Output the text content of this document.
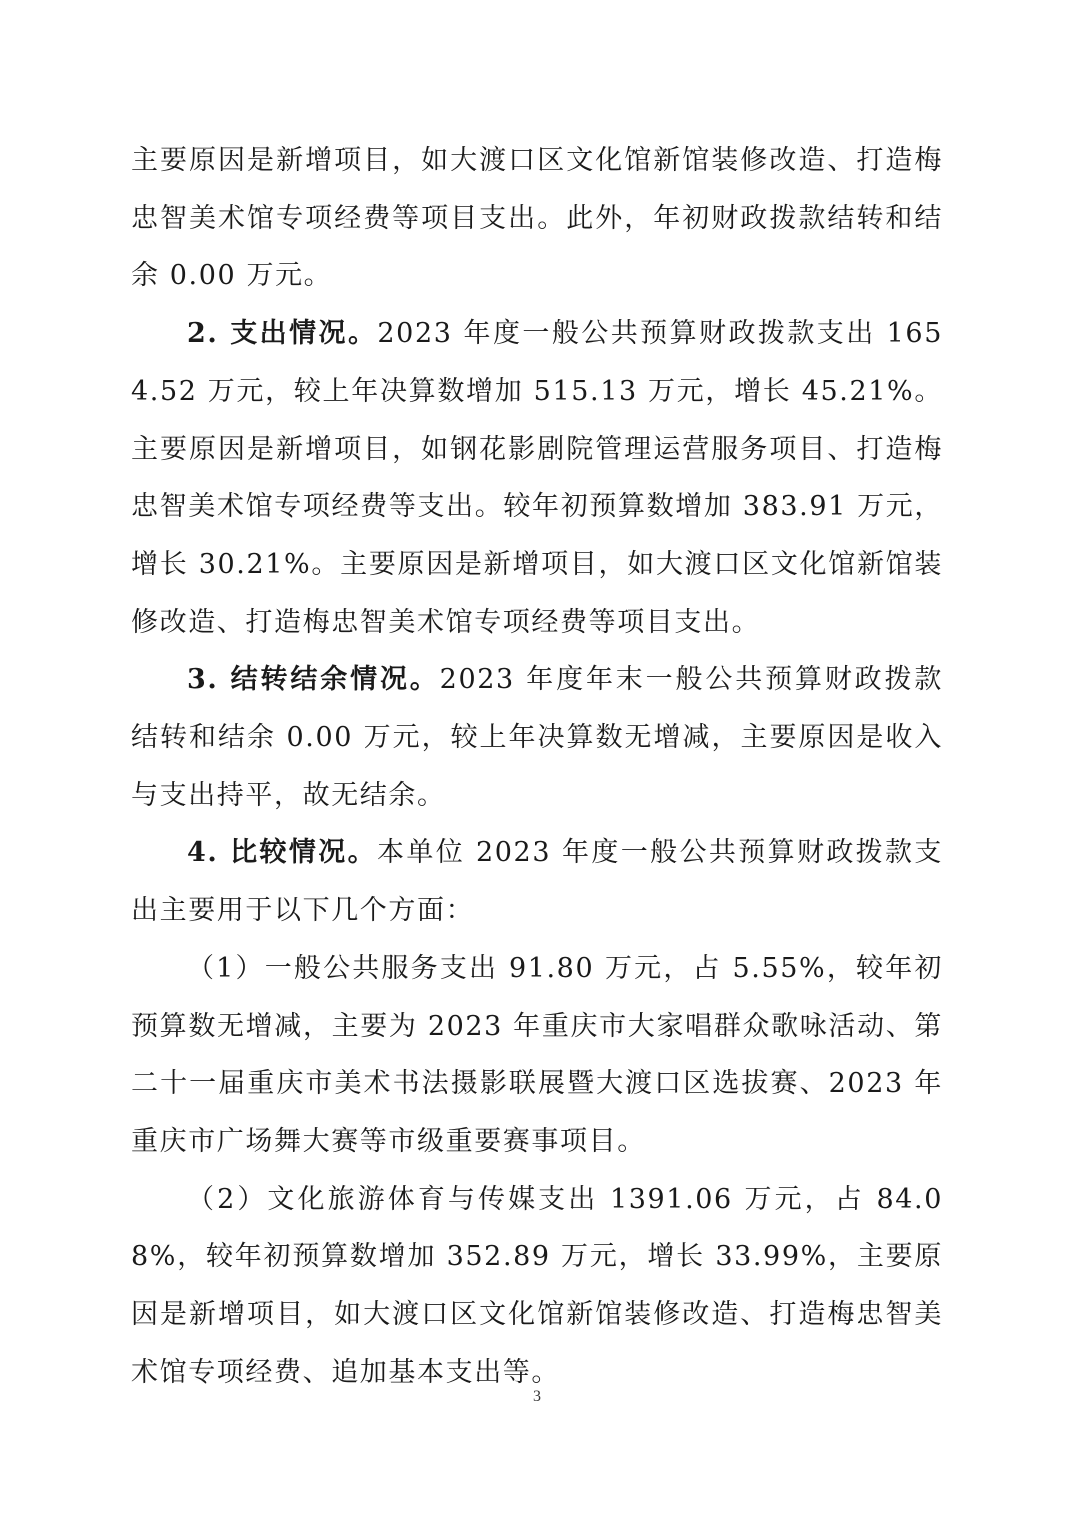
主要原因是新增项目，如大渡口区文化馆新馆装修改造、打造梅忠智美术馆专项经费等项目支出。此外，年初财政拨款结转和结余 0.00 万元。

2. 支出情况。2023 年度一般公共预算财政拨款支出 1654.52 万元，较上年决算数增加 515.13 万元，增长 45.21%。主要原因是新增项目，如钢花影剧院管理运营服务项目、打造梅忠智美术馆专项经费等支出。较年初预算数增加 383.91 万元，增长 30.21%。主要原因是新增项目，如大渡口区文化馆新馆装修改造、打造梅忠智美术馆专项经费等项目支出。

3. 结转结余情况。2023 年度年末一般公共预算财政拨款结转和结余 0.00 万元，较上年决算数无增减，主要原因是收入与支出持平，故无结余。

4. 比较情况。本单位 2023 年度一般公共预算财政拨款支出主要用于以下几个方面：

（1）一般公共服务支出 91.80 万元，占 5.55%，较年初预算数无增减，主要为 2023 年重庆市大家唱群众歌咏活动、第二十一届重庆市美术书法摄影联展暨大渡口区选拔赛、2023 年重庆市广场舞大赛等市级重要赛事项目。

（2）文化旅游体育与传媒支出 1391.06 万元，占 84.08%，较年初预算数增加 352.89 万元，增长 33.99%，主要原因是新增项目，如大渡口区文化馆新馆装修改造、打造梅忠智美术馆专项经费、追加基本支出等。

3
